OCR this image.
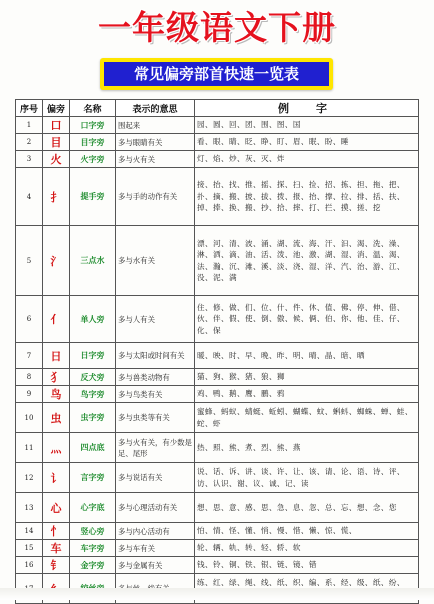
一年级语文下册
常见偏旁部首快速一览表
序号	偏旁	名称	表示的意思	例　字
1	口	口字旁	围起来	园、圆、回、团、围、图、国
2	目	目字旁	多与眼睛有关	看、眼、睛、眨、睁、盯、眉、眠、盼、睡
3	火	火字旁	多与火有关	灯、焰、炒、灰、灭、炸
4	扌	提手旁	多与手的动作有关	接、抬、找、推、摇、探、扫、捡、招、拣、担、拖、把、扑、摘、搬、披、拔、拨、报、抬、撑、拉、排、括、扶、掉、捧、换、搬、抄、拾、摔、打、拦、摸、搓、挖
5	氵	三点水	多与水有关	漂、河、清、波、涌、湖、流、海、汗、汩、渴、洗、澡、淋、洒、滴、油、活、泼、池、激、湖、湿、消、温、渴、法、瀚、沉、滩、溪、淡、浇、湿、洋、汽、治、游、江、没、泥、满
6	亻	单人旁	多与人有关	住、修、做、们、位、什、件、休、值、佛、停、伸、借、伙、伴、假、使、倒、傲、候、俩、伯、你、他、佳、仔、化、保
7	日	日字旁	多与太阳或时间有关	暖、映、时、早、晚、昨、明、晴、晶、暗、晒
8	犭	反犬旁	多与兽类动物有	猫、狗、猴、猪、狼、狮
9	鸟	鸟字旁	多与鸟类有关	鸡、鸭、鹅、鹰、鹏、鸦
10	虫	虫字旁	多与虫类等有关	蜜蜂、蚂蚁、蜻蜓、蚯蚓、蝴蝶、蚊、蝌蚪、蜘蛛、蝉、蛙、蛇、虾
11	灬	四点底	多与火有关，有少数是足、尾形	热、照、熊、煮、烈、熊、燕
12	讠	言字旁	多与说话有关	说、话、诉、讲、谈、许、让、该、请、论、语、诗、评、访、认识、谢、议、诚、记、读
13	心	心字底	多与心理活动有关	想、思、意、感、思、急、息、忽、总、忘、想、念、您
14	忄	竖心旁	多与内心活动有	怕、情、怪、懂、悄、慢、惜、懒、惊、慌、
15	车	车字旁	多与车有关	轮、辆、轨、转、轻、轿、软
16	钅	金字旁	多与金属有关	钱、铃、铜、铁、银、链、镜、错
				练、红、绿、绳、线、纸、织、编、系、经、级、纸、纷、
